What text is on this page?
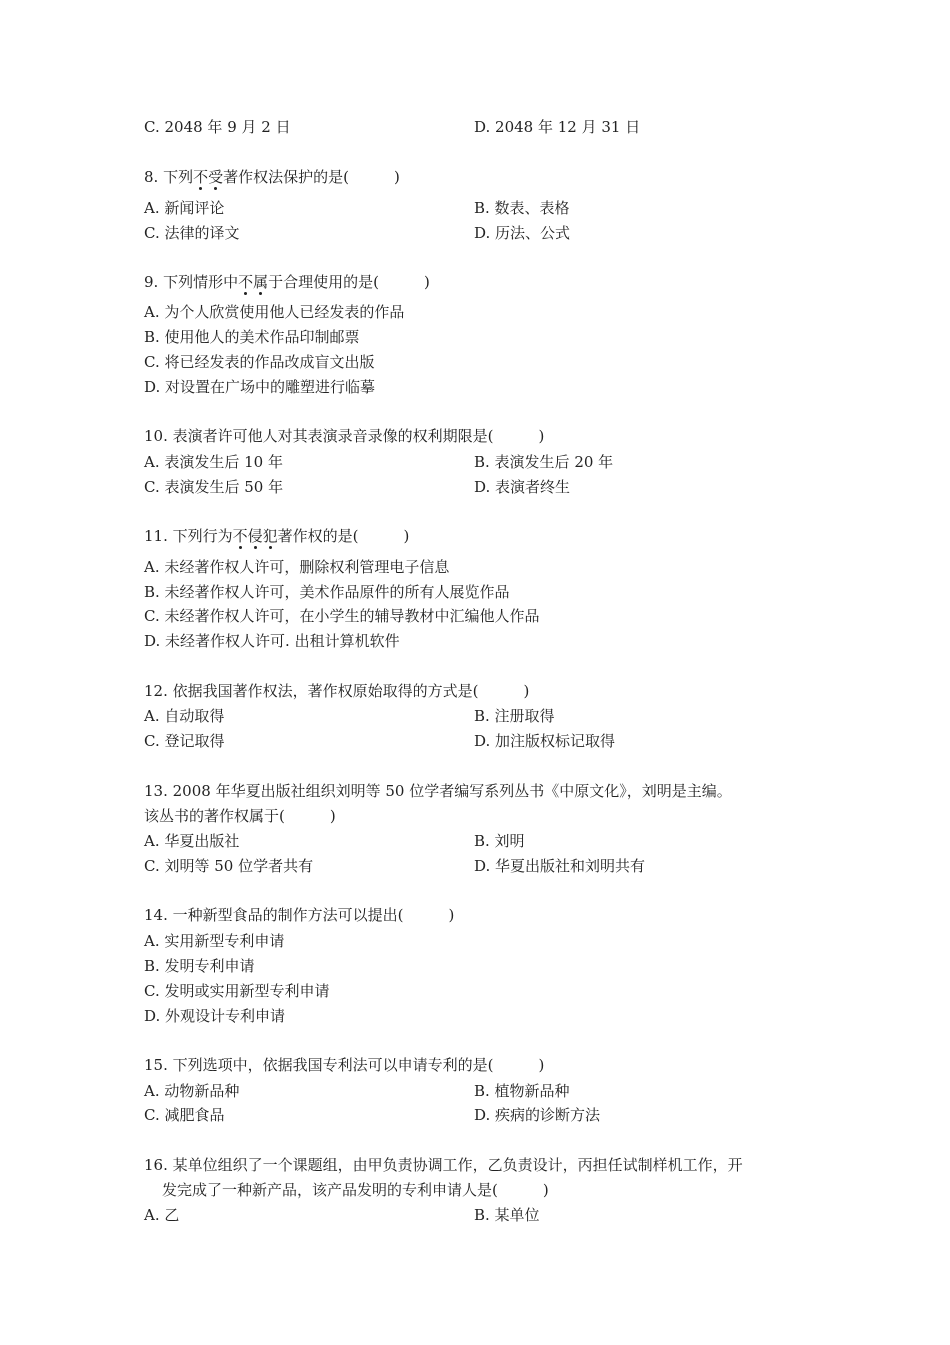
C. 2048 年 9 月 2 日	D. 2048 年 12 月 31 日
8. 下列不受著作权法保护的是(　　　)
A. 新闻评论	B. 数表、表格
C. 法律的译文	D. 历法、公式
9. 下列情形中不属于合理使用的是(　　　)
A. 为个人欣赏使用他人已经发表的作品
B. 使用他人的美术作品印制邮票
C. 将已经发表的作品改成盲文出版
D. 对设置在广场中的雕塑进行临摹
10. 表演者许可他人对其表演录音录像的权利期限是(　　　)
A. 表演发生后 10 年	B. 表演发生后 20 年
C. 表演发生后 50 年	D. 表演者终生
11. 下列行为不侵犯著作权的是(　　　)
A. 未经著作权人许可，删除权利管理电子信息
B. 未经著作权人许可，美术作品原件的所有人展览作品
C. 未经著作权人许可，在小学生的辅导教材中汇编他人作品
D. 未经著作权人许可. 出租计算机软件
12. 依据我国著作权法，著作权原始取得的方式是(　　　)
A. 自动取得	B. 注册取得
C. 登记取得	D. 加注版权标记取得
13. 2008 年华夏出版社组织刘明等 50 位学者编写系列丛书《中原文化》，刘明是主编。
该丛书的著作权属于(　　　)
A. 华夏出版社	B. 刘明
C. 刘明等 50 位学者共有	D. 华夏出版社和刘明共有
14. 一种新型食品的制作方法可以提出(　　　)
A. 实用新型专利申请
B. 发明专利申请
C. 发明或实用新型专利申请
D. 外观设计专利申请
15. 下列选项中，依据我国专利法可以申请专利的是(　　　)
A. 动物新品种	B. 植物新品种
C. 减肥食品	D. 疾病的诊断方法
16. 某单位组织了一个课题组，由甲负责协调工作，乙负责设计，丙担任试制样机工作，开
发完成了一种新产品，该产品发明的专利申请人是(　　　)
A. 乙	B. 某单位
